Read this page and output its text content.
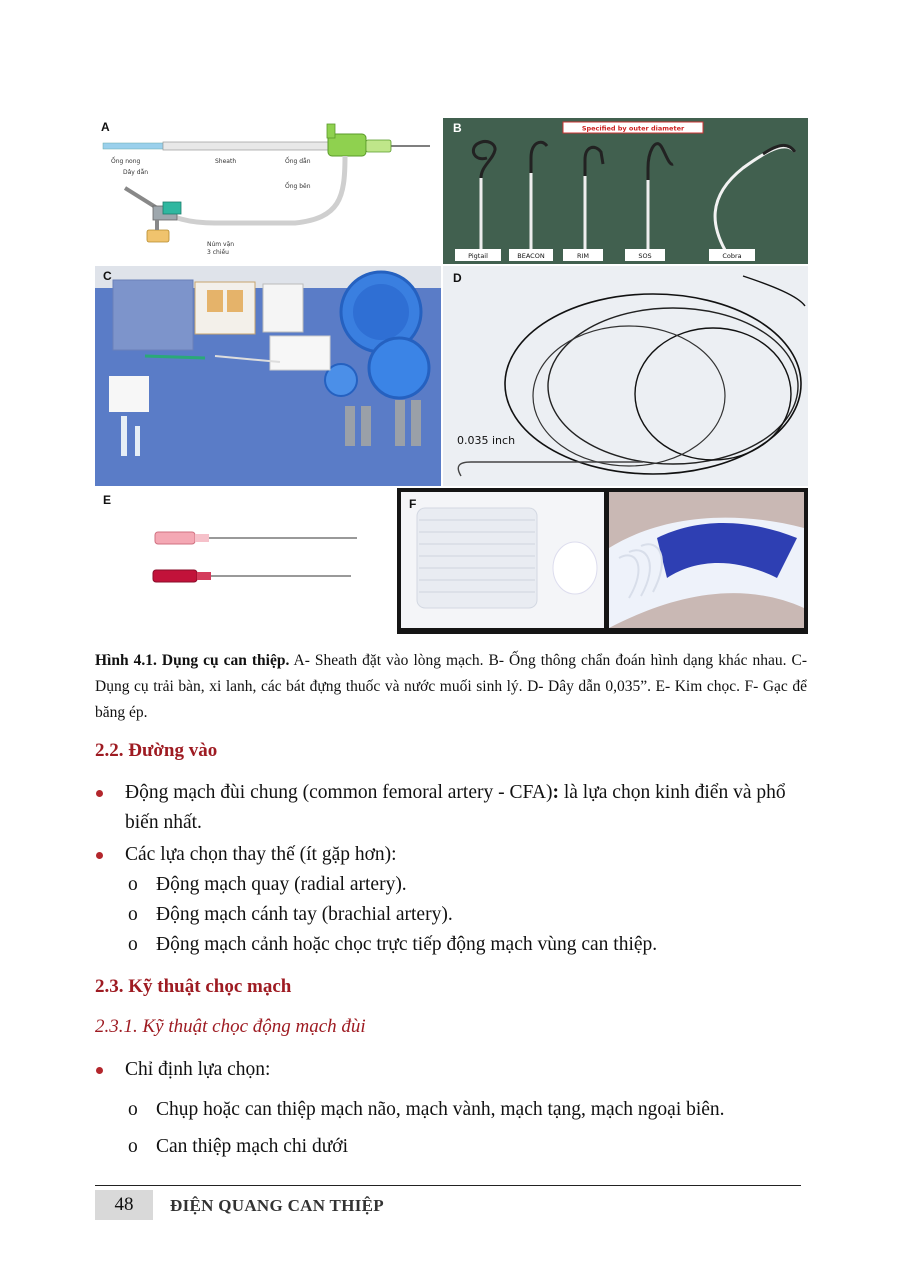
Ống nong
Dây dẫn
Sheath	Ống dẫn
Ống bên
Núm vặn
3 chiều
A	Specified by outer diameter
Pigtail	BEACON	RIM	SOS	Cobra
B
C
0.035 inch
D
E	F
Hình 4.1. Dụng cụ can thiệp. A- Sheath đặt vào lòng mạch. B- Ống thông chẩn đoán hình dạng khác nhau. C- Dụng cụ trải bàn, xi lanh, các bát đựng thuốc và nước muối sinh lý. D- Dây dẫn 0,035”. E- Kim chọc. F- Gạc để băng ép.
2.2. Đường vào
Động mạch đùi chung (common femoral artery - CFA): là lựa chọn kinh điển và phổ biến nhất.
Các lựa chọn thay thế (ít gặp hơn):
o Động mạch quay (radial artery).
o Động mạch cánh tay (brachial artery).
o Động mạch cảnh hoặc chọc trực tiếp động mạch vùng can thiệp.
2.3. Kỹ thuật chọc mạch
2.3.1. Kỹ thuật chọc động mạch đùi
Chỉ định lựa chọn:
o Chụp hoặc can thiệp mạch não, mạch vành, mạch tạng, mạch ngoại biên.
o Can thiệp mạch chi dưới
48	ĐIỆN QUANG CAN THIỆP
